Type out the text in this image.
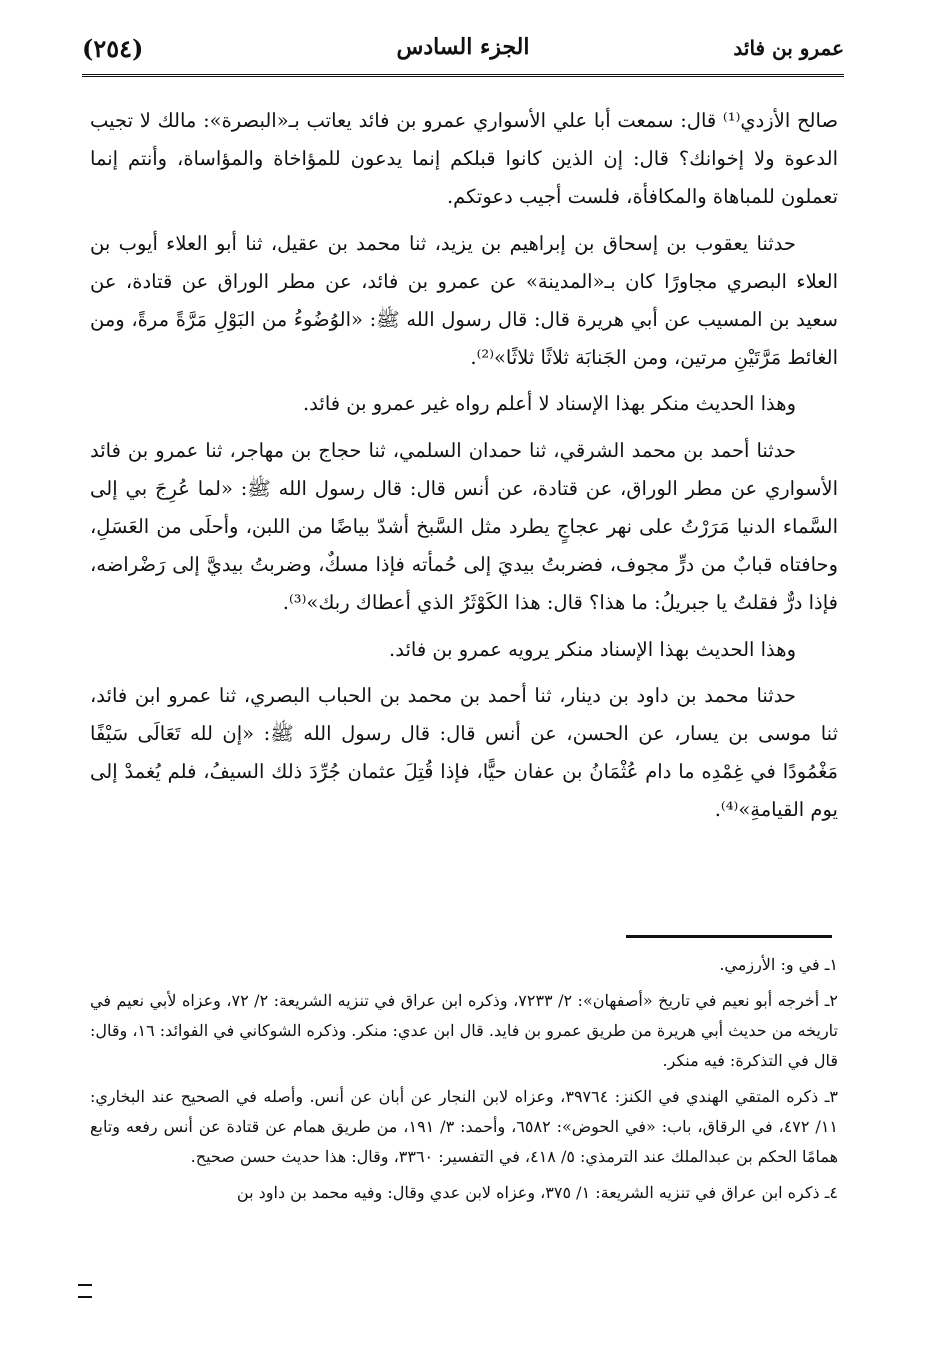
(٢٥٤)	الجزء السادس	عمرو بن فائد

صالح الأزدي⁽¹⁾ قال: سمعت أبا علي الأسواري عمرو بن فائد يعاتب بـ«البصرة»: مالك لا تجيب الدعوة ولا إخوانك؟ قال: إن الذين كانوا قبلكم إنما يدعون للمؤاخاة والمؤاساة، وأنتم إنما تعملون للمباهاة والمكافأة، فلست أجيب دعوتكم.

حدثنا يعقوب بن إسحاق بن إبراهيم بن يزيد، ثنا محمد بن عقيل، ثنا أبو العلاء أيوب بن العلاء البصري مجاورًا كان بـ«المدينة» عن عمرو بن فائد، عن مطر الوراق عن قتادة، عن سعيد بن المسيب عن أبي هريرة قال: قال رسول الله ﷺ: «الوُضُوءُ من البَوْلِ مَرَّةً مرةً، ومن الغائط مَرَّتَيْنِ مرتين، ومن الجَنابَة ثلاثًا ثلاثًا»⁽²⁾.

وهذا الحديث منكر بهذا الإسناد لا أعلم رواه غير عمرو بن فائد.

حدثنا أحمد بن محمد الشرقي، ثنا حمدان السلمي، ثنا حجاج بن مهاجر، ثنا عمرو بن فائد الأسواري عن مطر الوراق، عن قتادة، عن أنس قال: قال رسول الله ﷺ: «لما عُرِجَ بي إلى السَّماء الدنيا مَرَرْتُ على نهر عجاجٍ يطرد مثل السَّبخ أشدّ بياضًا من اللبن، وأحلَى من العَسَلِ، وحافتاه قبابٌ من درٍّ مجوف، فضربتُ بيديَ إلى حُمأته فإذا مسكٌ، وضربتُ بيديَّ إلى رَضْراضه، فإذا درٌّ فقلتُ يا جبريلُ: ما هذا؟ قال: هذا الكَوْثَرُ الذي أعطاك ربك»⁽³⁾.

وهذا الحديث بهذا الإسناد منكر يرويه عمرو بن فائد.

حدثنا محمد بن داود بن دينار، ثنا أحمد بن محمد بن الحباب البصري، ثنا عمرو ابن فائد، ثنا موسى بن يسار، عن الحسن، عن أنس قال: قال رسول الله ﷺ: «إن لله تَعَالَى سَيْفًا مَغْمُودًا في غِمْدِه ما دام عُثْمَانُ بن عفان حيًّا، فإذا قُتِلَ عثمان جُرِّدَ ذلك السيفُ، فلم يُغمدْ إلى يوم القيامةِ»⁽⁴⁾.

١ـ في و: الأرزمي.

٢ـ أخرجه أبو نعيم في تاريخ «أصفهان»: ٢/ ٧٢٣٣، وذكره ابن عراق في تنزيه الشريعة: ٢/ ٧٢، وعزاه لأبي نعيم في تاريخه من حديث أبي هريرة من طريق عمرو بن فايد. قال ابن عدي: منكر. وذكره الشوكاني في الفوائد: ١٦، وقال: قال في التذكرة: فيه منكر.

٣ـ ذكره المتقي الهندي في الكنز: ٣٩٧٦٤، وعزاه لابن النجار عن أبان عن أنس. وأصله في الصحيح عند البخاري: ١١/ ٤٧٢، في الرقاق، باب: «في الحوض»: ٦٥٨٢، وأحمد: ٣/ ١٩١، من طريق همام عن قتادة عن أنس رفعه وتابع همامًا الحكم بن عبدالملك عند الترمذي: ٥/ ٤١٨، في التفسير: ٣٣٦٠، وقال: هذا حديث حسن صحيح.

٤ـ ذكره ابن عراق في تنزيه الشريعة: ١/ ٣٧٥، وعزاه لابن عدي وقال: وفيه محمد بن داود بن
